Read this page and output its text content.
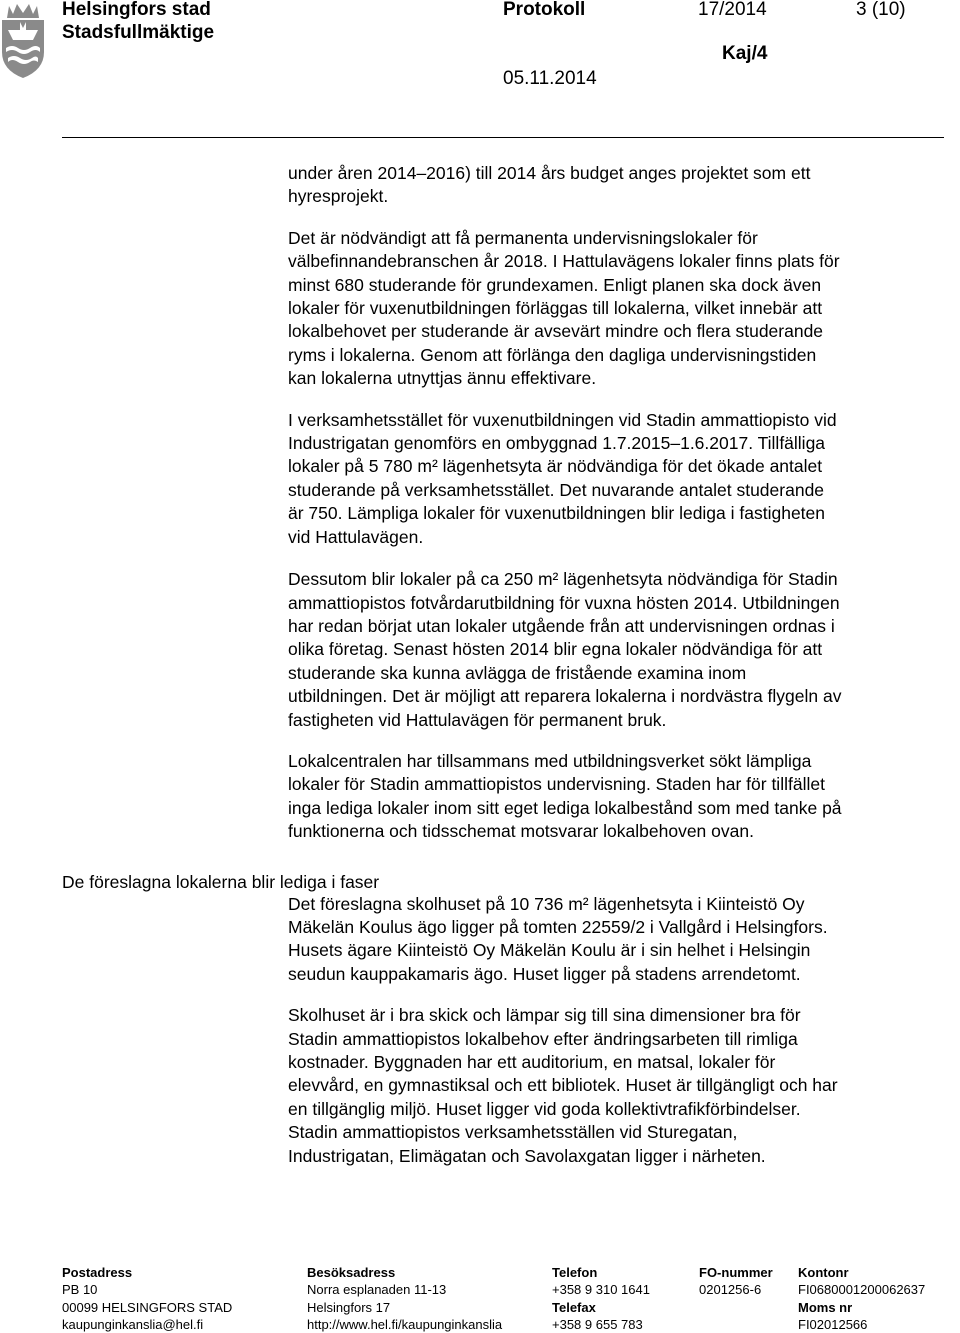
Helsingfors stad
Stadsfullmäktige
Protokoll	17/2014	3 (10)
Kaj/4
05.11.2014
De föreslagna lokalerna blir lediga i faser

under åren 2014–2016) till 2014 års budget anges projektet som ett
hyresprojekt.

Det är nödvändigt att få permanenta undervisningslokaler för
välbefinnandebranschen år 2018. I Hattulavägens lokaler finns plats för
minst 680 studerande för grundexamen. Enligt planen ska dock även
lokaler för vuxenutbildningen förläggas till lokalerna, vilket innebär att
lokalbehovet per studerande är avsevärt mindre och flera studerande
ryms i lokalerna. Genom att förlänga den dagliga undervisningstiden
kan lokalerna utnyttjas ännu effektivare.

I verksamhetsstället för vuxenutbildningen vid Stadin ammattiopisto vid
Industrigatan genomförs en ombyggnad 1.7.2015–1.6.2017. Tillfälliga
lokaler på 5 780 m² lägenhetsyta är nödvändiga för det ökade antalet
studerande på verksamhetsstället. Det nuvarande antalet studerande
är 750. Lämpliga lokaler för vuxenutbildningen blir lediga i fastigheten
vid Hattulavägen.

Dessutom blir lokaler på ca 250 m² lägenhetsyta nödvändiga för Stadin
ammattiopistos fotvårdarutbildning för vuxna hösten 2014. Utbildningen
har redan börjat utan lokaler utgående från att undervisningen ordnas i
olika företag. Senast hösten 2014 blir egna lokaler nödvändiga för att
studerande ska kunna avlägga de fristående examina inom
utbildningen. Det är möjligt att reparera lokalerna i nordvästra flygeln av
fastigheten vid Hattulavägen för permanent bruk.

Lokalcentralen har tillsammans med utbildningsverket sökt lämpliga
lokaler för Stadin ammattiopistos undervisning. Staden har för tillfället
inga lediga lokaler inom sitt eget lediga lokalbestånd som med tanke på
funktionerna och tidsschemat motsvarar lokalbehoven ovan.

Det föreslagna skolhuset på 10 736 m² lägenhetsyta i Kiinteistö Oy
Mäkelän Koulus ägo ligger på tomten 22559/2 i Vallgård i Helsingfors.
Husets ägare Kiinteistö Oy Mäkelän Koulu är i sin helhet i Helsingin
seudun kauppakamaris ägo. Huset ligger på stadens arrendetomt.

Skolhuset är i bra skick och lämpar sig till sina dimensioner bra för
Stadin ammattiopistos lokalbehov efter ändringsarbeten till rimliga
kostnader. Byggnaden har ett auditorium, en matsal, lokaler för
elevvård, en gymnastiksal och ett bibliotek. Huset är tillgängligt och har
en tillgänglig miljö. Huset ligger vid goda kollektivtrafikförbindelser.
Stadin ammattiopistos verksamhetsställen vid Sturegatan,
Industrigatan, Elimägatan och Savolaxgatan ligger i närheten.

Postadress
PB 10
00099 HELSINGFORS STAD
kaupunginkanslia@hel.fi
Besöksadress
Norra esplanaden 11-13
Helsingfors 17
http://www.hel.fi/kaupunginkanslia
Telefon
+358 9 310 1641
Telefax
+358 9 655 783
FO-nummer
0201256-6
Kontonr
FI0680001200062637
Moms nr
FI02012566
